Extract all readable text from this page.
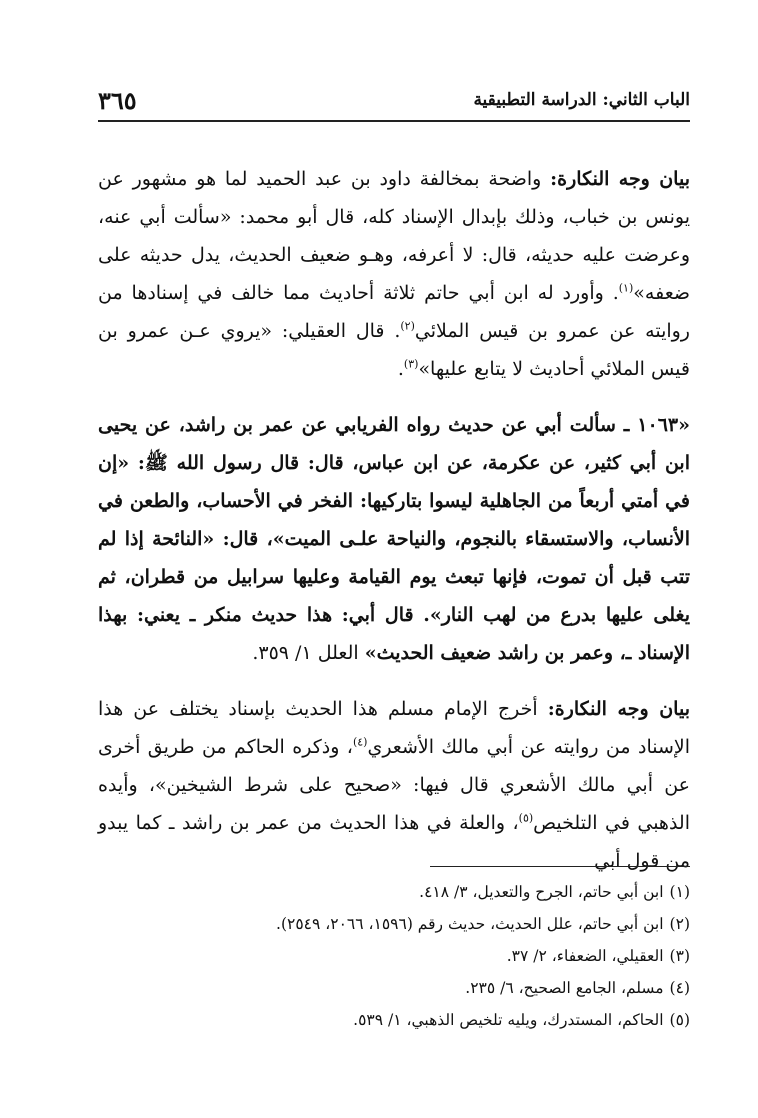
الباب الثاني: الدراسة التطبيقية
٣٦٥

بيان وجه النكارة: واضحة بمخالفة داود بن عبد الحميد لما هو مشهور عن يونس بن خباب، وذلك بإبدال الإسناد كله، قال أبو محمد: «سألت أبي عنه، وعرضت عليه حديثه، قال: لا أعرفه، وهـو ضعيف الحديث، يدل حديثه على ضعفه»$^{(١)}$. وأورد له ابن أبي حاتم ثلاثة أحاديث مما خالف في إسنادها من روايته عن عمرو بن قيس الملائي$^{(٢)}$. قال العقيلي: «يروي عـن عمرو بن قيس الملائي أحاديث لا يتابع عليها»$^{(٣)}$.

«١٠٦٣ ـ سألت أبي عن حديث رواه الفريابي عن عمر بن راشد، عن يحيى ابن أبي كثير، عن عكرمة، عن ابن عباس، قال: قال رسول الله ﷺ: «إن في أمتي أربعاً من الجاهلية ليسوا بتاركيها: الفخر في الأحساب، والطعن في الأنساب، والاستسقاء بالنجوم، والنياحة علـى الميت»، قال: «النائحة إذا لم تتب قبل أن تموت، فإنها تبعث يوم القيامة وعليها سرابيل من قطران، ثم يغلى عليها بدرع من لهب النار». قال أبي: هذا حديث منكر ـ يعني: بهذا الإسناد ـ، وعمر بن راشد ضعيف الحديث» العلل ١/ ٣٥٩.

بيان وجه النكارة: أخرج الإمام مسلم هذا الحديث بإسناد يختلف عن هذا الإسناد من روايته عن أبي مالك الأشعري$^{(٤)}$، وذكره الحاكم من طريق أخرى عن أبي مالك الأشعري قال فيها: «صحيح على شرط الشيخين»، وأيده الذهبي في التلخيص$^{(٥)}$، والعلة في هذا الحديث من عمر بن راشد ـ كما يبدو من قول أبي

(١)ابن أبي حاتم، الجرح والتعديل، ٣/ ٤١٨.

(٢)ابن أبي حاتم، علل الحديث، حديث رقم (١٥٩٦، ٢٠٦٦، ٢٥٤٩).

(٣)العقيلي، الضعفاء، ٢/ ٣٧.

(٤)مسلم، الجامع الصحيح، ٦/ ٢٣٥.

(٥)الحاكم، المستدرك، ويليه تلخيص الذهبي، ١/ ٥٣٩.
